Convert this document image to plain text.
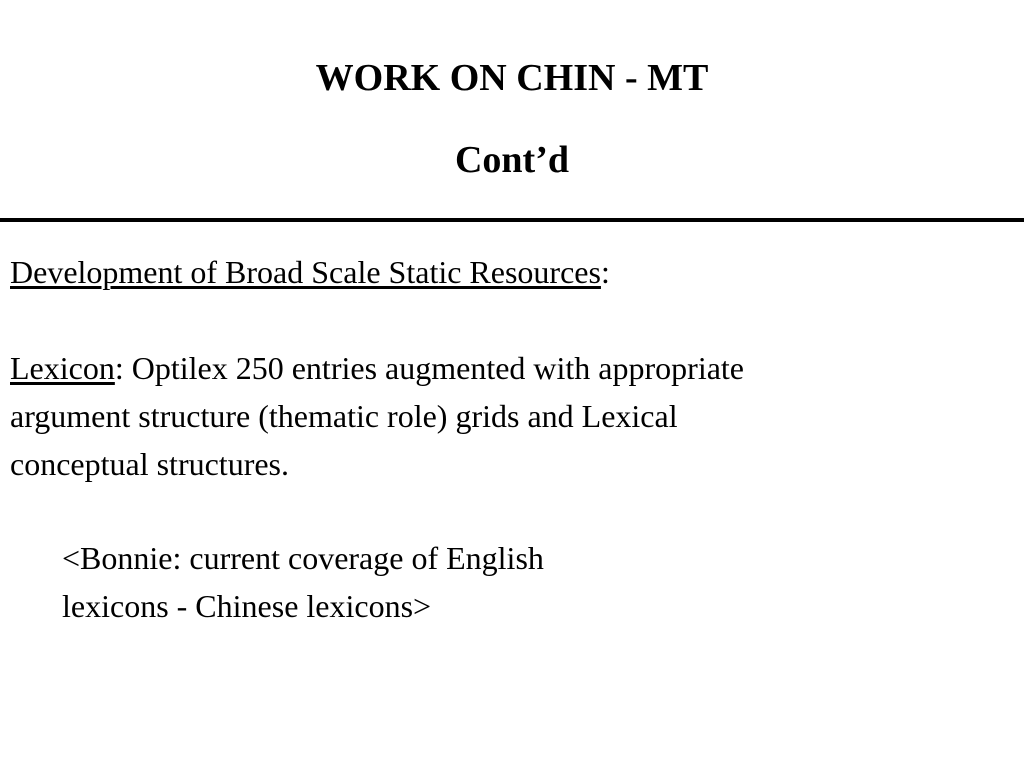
WORK ON CHIN - MT
Cont’d
Development of Broad Scale Static Resources:
Lexicon: Optilex 250 entries augmented with appropriate
argument structure (thematic role) grids and Lexical
conceptual structures.
<Bonnie: current coverage of English
lexicons - Chinese lexicons>
